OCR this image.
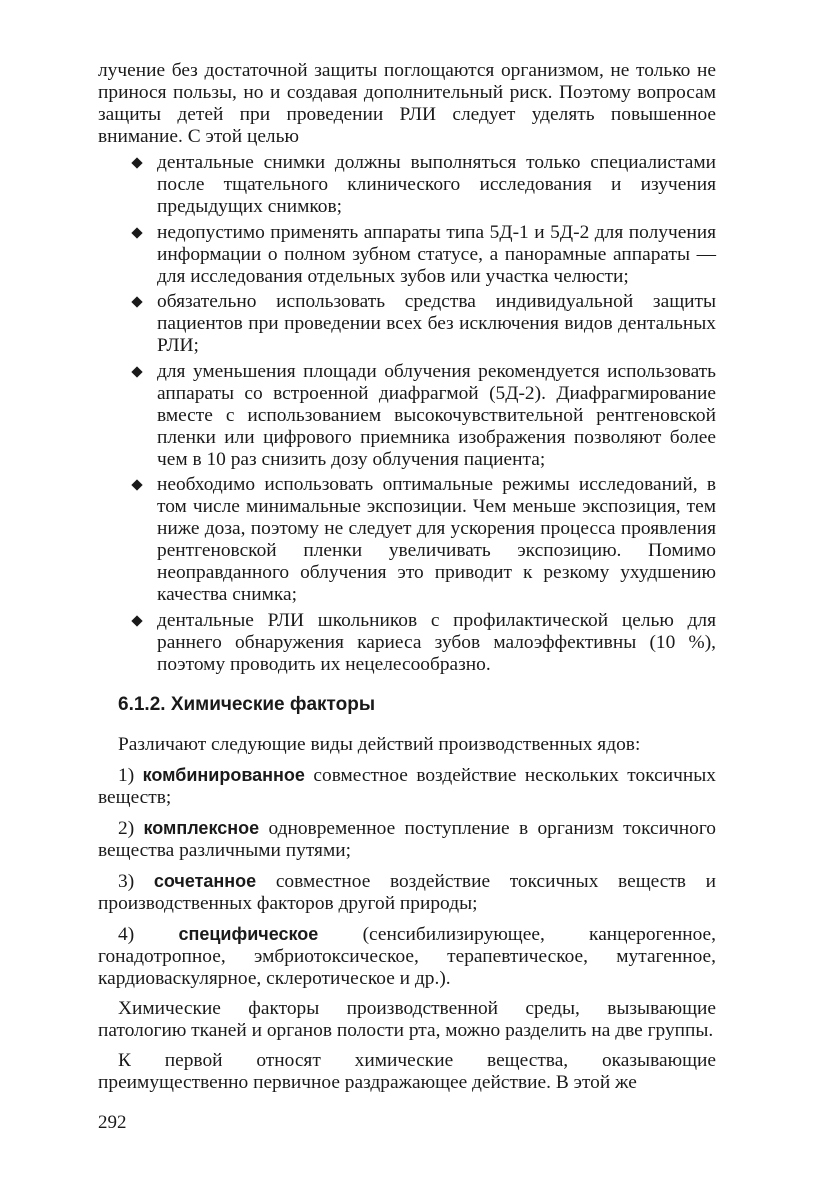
лучение без достаточной защиты поглощаются организмом, не только не принося пользы, но и создавая дополнительный риск. Поэтому вопросам защиты детей при проведении РЛИ следует уделять повышенное внимание. С этой целью

дентальные снимки должны выполняться только специалистами после тщательного клинического исследования и изучения предыдущих снимков;
недопустимо применять аппараты типа 5Д-1 и 5Д-2 для получения информации о полном зубном статусе, а панорамные аппараты — для исследования отдельных зубов или участка челюсти;
обязательно использовать средства индивидуальной защиты пациентов при проведении всех без исключения видов дентальных РЛИ;
для уменьшения площади облучения рекомендуется использовать аппараты со встроенной диафрагмой (5Д-2). Диафрагмирование вместе с использованием высокочувствительной рентгеновской пленки или цифрового приемника изображения позволяют более чем в 10 раз снизить дозу облучения пациента;
необходимо использовать оптимальные режимы исследований, в том числе минимальные экспозиции. Чем меньше экспозиция, тем ниже доза, поэтому не следует для ускорения процесса проявления рентгеновской пленки увеличивать экспозицию. Помимо неоправданного облучения это приводит к резкому ухудшению качества снимка;
дентальные РЛИ школьников с профилактической целью для раннего обнаружения кариеса зубов малоэффективны (10 %), поэтому проводить их нецелесообразно.
6.1.2. Химические факторы

Различают следующие виды действий производственных ядов:

1) комбинированное совместное воздействие нескольких токсичных веществ;

2) комплексное одновременное поступление в организм токсичного вещества различными путями;

3) сочетанное совместное воздействие токсичных веществ и производственных факторов другой природы;

4) специфическое (сенсибилизирующее, канцерогенное, гонадотропное, эмбриотоксическое, терапевтическое, мутагенное, кардиоваскулярное, склеротическое и др.).

Химические факторы производственной среды, вызывающие патологию тканей и органов полости рта, можно разделить на две группы.

К первой относят химические вещества, оказывающие преимущественно первичное раздражающее действие. В этой же

292
